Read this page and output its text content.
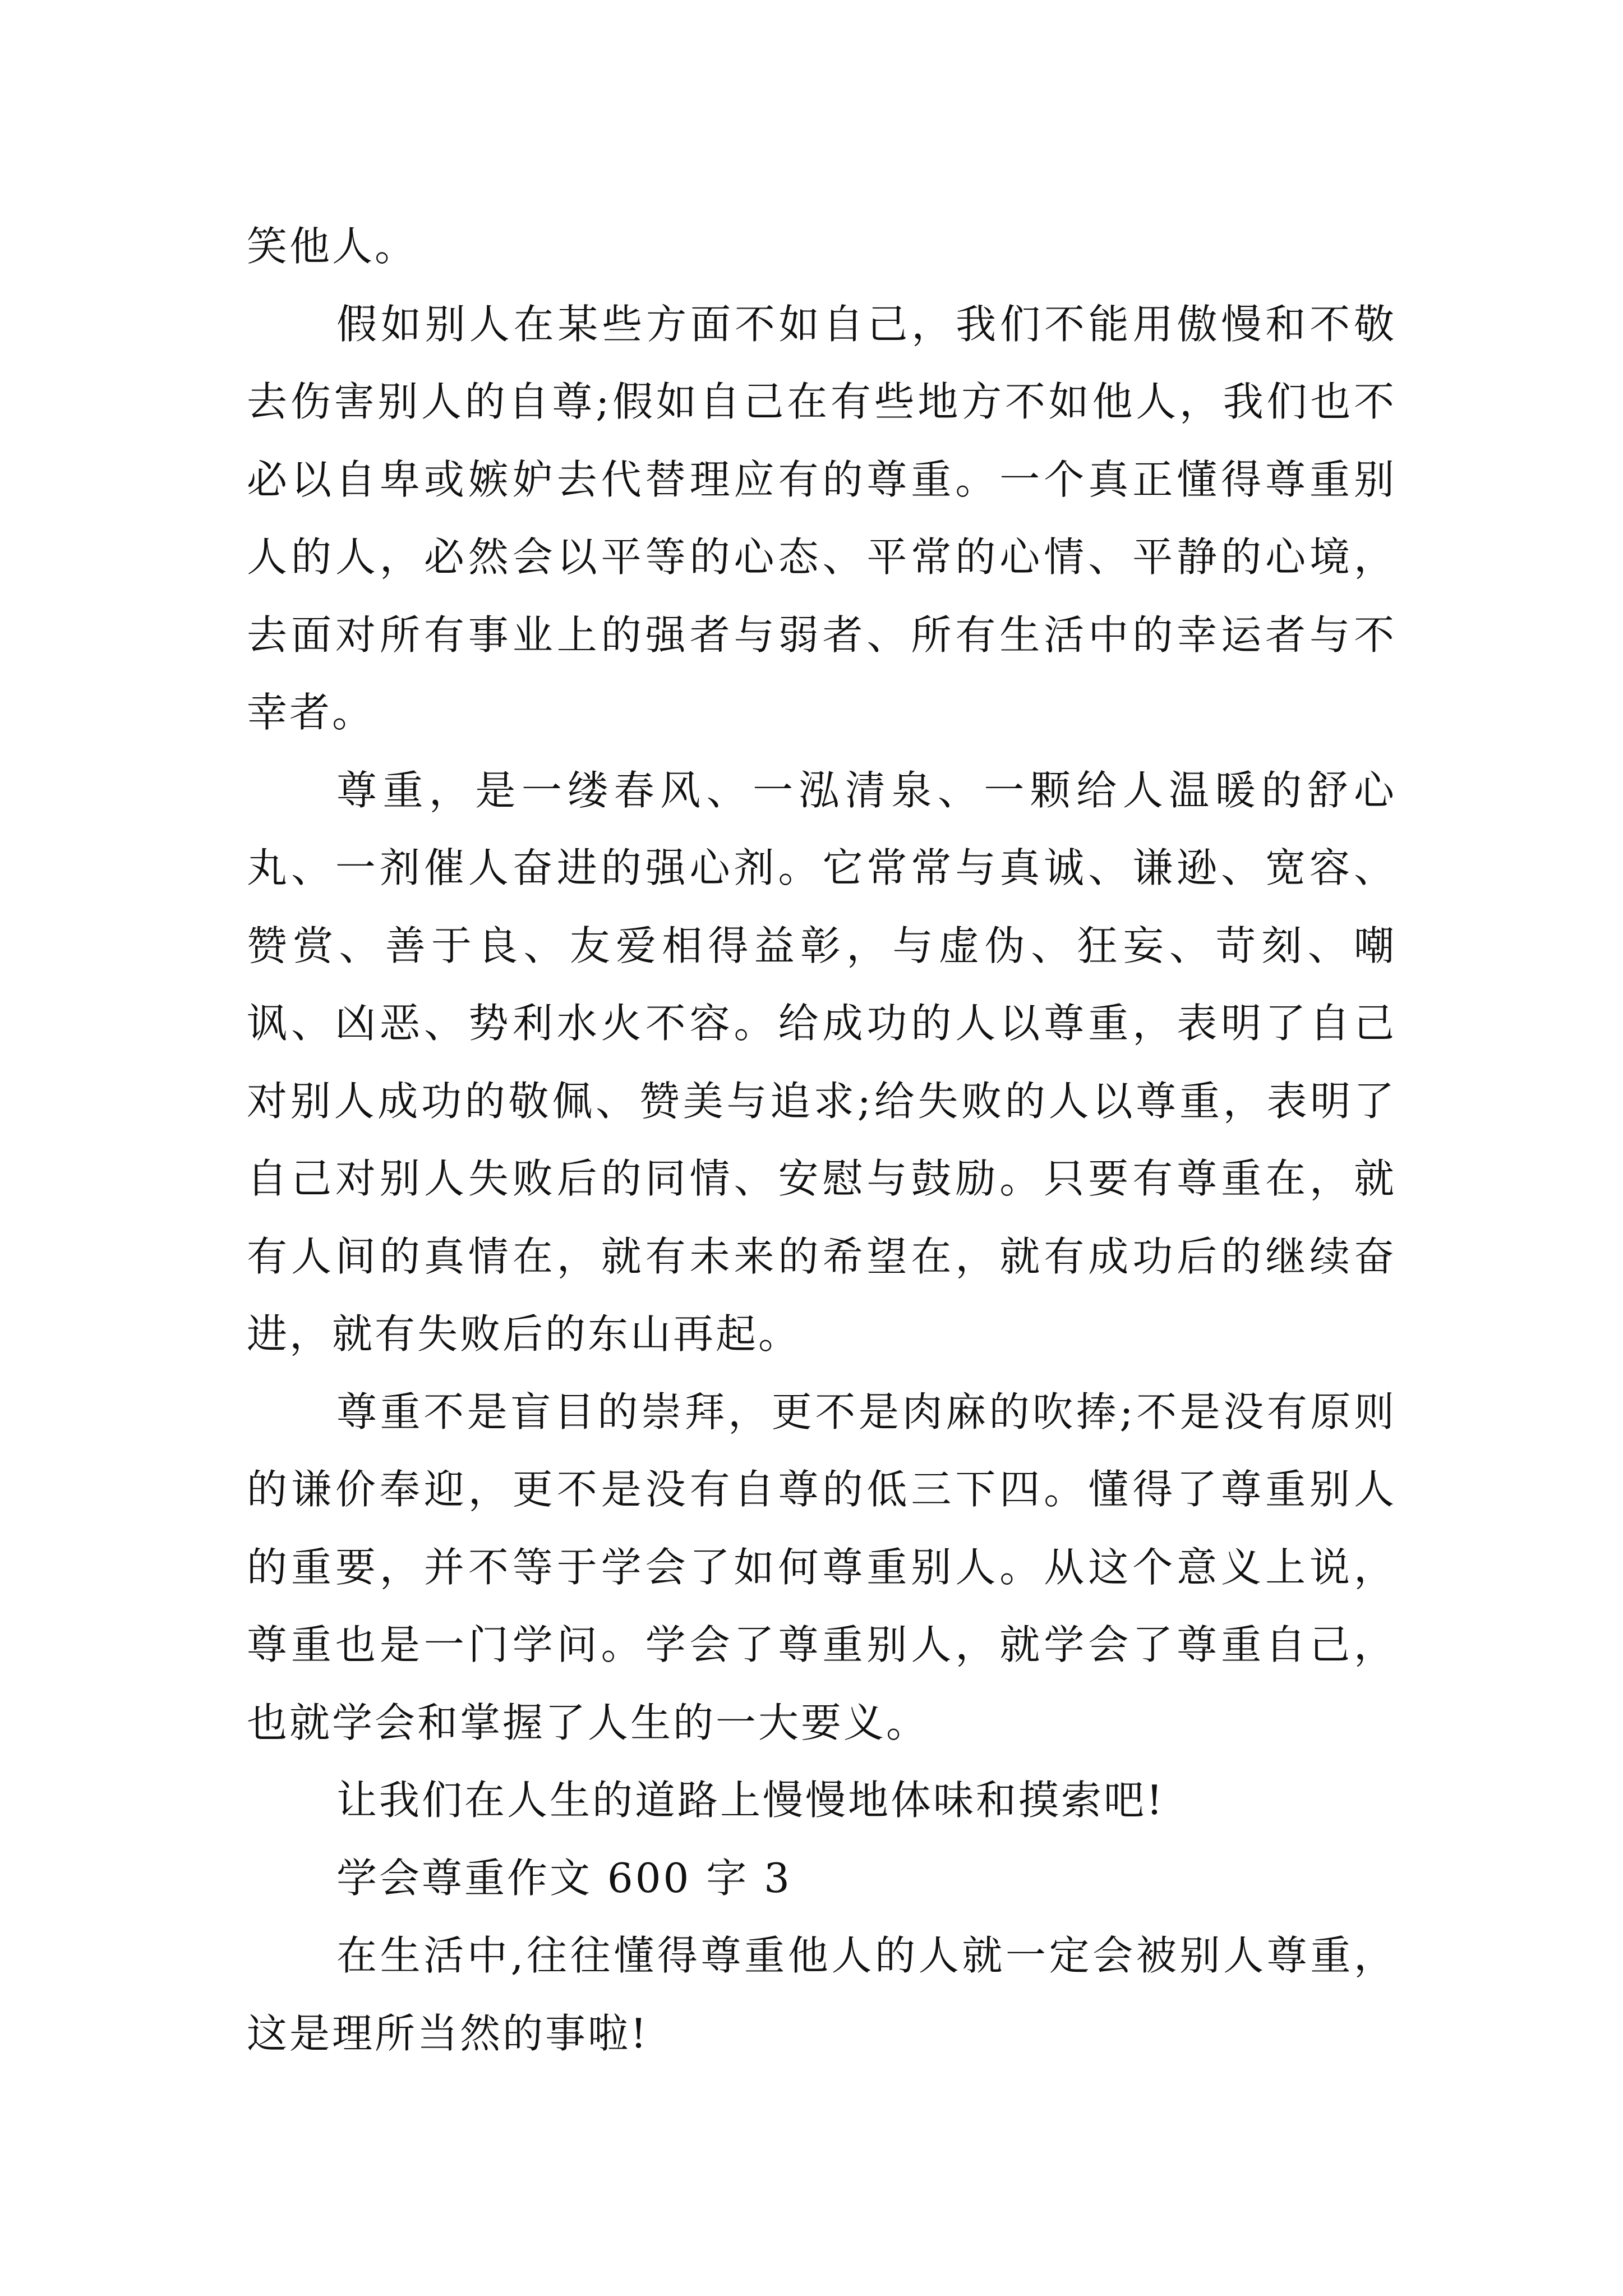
笑他人。

假如别人在某些方面不如自己，我们不能用傲慢和不敬去伤害别人的自尊;假如自己在有些地方不如他人，我们也不必以自卑或嫉妒去代替理应有的尊重。一个真正懂得尊重别人的人，必然会以平等的心态、平常的心情、平静的心境，去面对所有事业上的强者与弱者、所有生活中的幸运者与不幸者。

尊重，是一缕春风、一泓清泉、一颗给人温暖的舒心丸、一剂催人奋进的强心剂。它常常与真诚、谦逊、宽容、赞赏、善于良、友爱相得益彰，与虚伪、狂妄、苛刻、嘲讽、凶恶、势利水火不容。给成功的人以尊重，表明了自己对别人成功的敬佩、赞美与追求;给失败的人以尊重，表明了自己对别人失败后的同情、安慰与鼓励。只要有尊重在，就有人间的真情在，就有未来的希望在，就有成功后的继续奋进，就有失败后的东山再起。

尊重不是盲目的崇拜，更不是肉麻的吹捧;不是没有原则的谦价奉迎，更不是没有自尊的低三下四。懂得了尊重别人的重要，并不等于学会了如何尊重别人。从这个意义上说，尊重也是一门学问。学会了尊重别人，就学会了尊重自己，也就学会和掌握了人生的一大要义。

让我们在人生的道路上慢慢地体味和摸索吧!

学会尊重作文 600 字 3

在生活中,往往懂得尊重他人的人就一定会被别人尊重，这是理所当然的事啦!
